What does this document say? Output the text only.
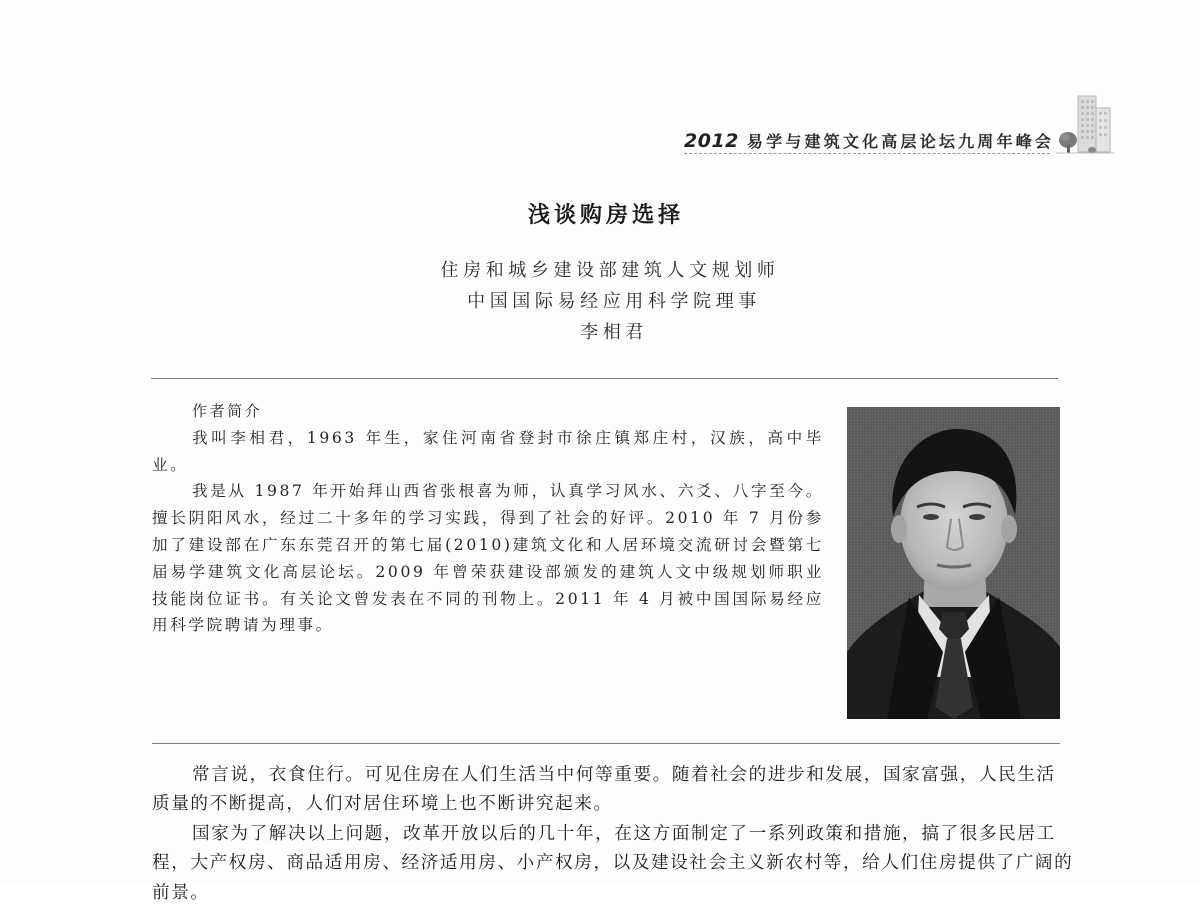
2012 易学与建筑文化高层论坛九周年峰会
浅谈购房选择
住房和城乡建设部建筑人文规划师
中国国际易经应用科学院理事
李相君

作者简介

我叫李相君，1963 年生，家住河南省登封市徐庄镇郑庄村，汉族，高中毕业。

我是从 1987 年开始拜山西省张根喜为师，认真学习风水、六爻、八字至今。擅长阴阳风水，经过二十多年的学习实践，得到了社会的好评。2010 年 7 月份参加了建设部在广东东莞召开的第七届(2010)建筑文化和人居环境交流研讨会暨第七届易学建筑文化高层论坛。2009 年曾荣获建设部颁发的建筑人文中级规划师职业技能岗位证书。有关论文曾发表在不同的刊物上。2011 年 4 月被中国国际易经应用科学院聘请为理事。

常言说，衣食住行。可见住房在人们生活当中何等重要。随着社会的进步和发展，国家富强，人民生活质量的不断提高，人们对居住环境上也不断讲究起来。

国家为了解决以上问题，改革开放以后的几十年，在这方面制定了一系列政策和措施，搞了很多民居工程，大产权房、商品适用房、经济适用房、小产权房，以及建设社会主义新农村等，给人们住房提供了广阔的前景。
